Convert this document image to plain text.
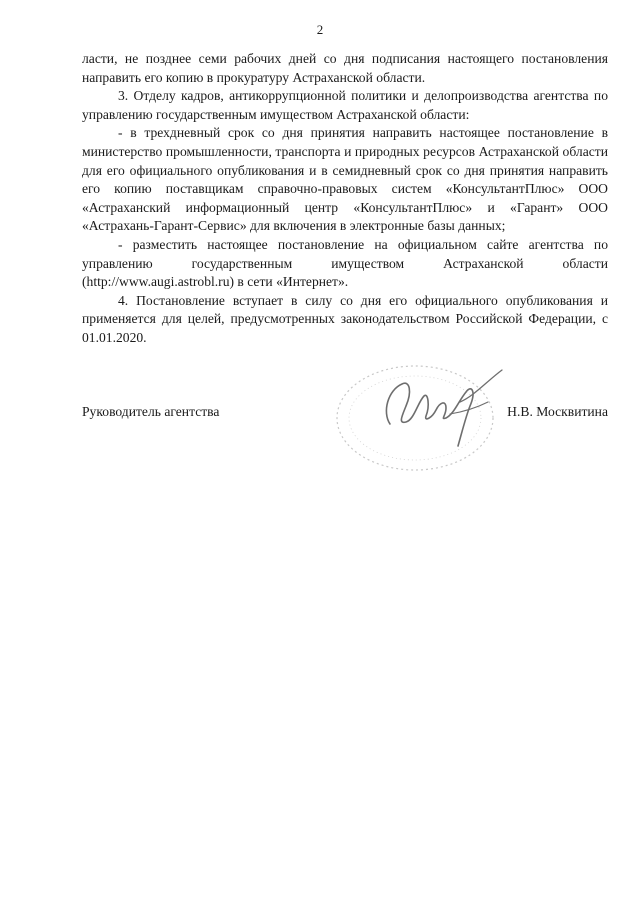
2

ласти, не позднее семи рабочих дней со дня подписания настоящего постановления направить его копию в прокуратуру Астраханской области.

3. Отделу кадров, антикоррупционной политики и делопроизводства агентства по управлению государственным имуществом Астраханской области:

- в трехдневный срок со дня принятия направить настоящее постановление в министерство промышленности, транспорта и природных ресурсов Астраханской области для его официального опубликования и в семидневный срок со дня принятия направить его копию поставщикам справочно-правовых систем «КонсультантПлюс» ООО «Астраханский информационный центр «КонсультантПлюс» и «Гарант» ООО «Астрахань-Гарант-Сервис» для включения в электронные базы данных;

- разместить настоящее постановление на официальном сайте агентства по управлению государственным имуществом Астраханской области (http://www.augi.astrobl.ru) в сети «Интернет».

4. Постановление вступает в силу со дня его официального опубликования и применяется для целей, предусмотренных законодательством Российской Федерации, с 01.01.2020.

Руководитель агентства	Н.В. Москвитина
